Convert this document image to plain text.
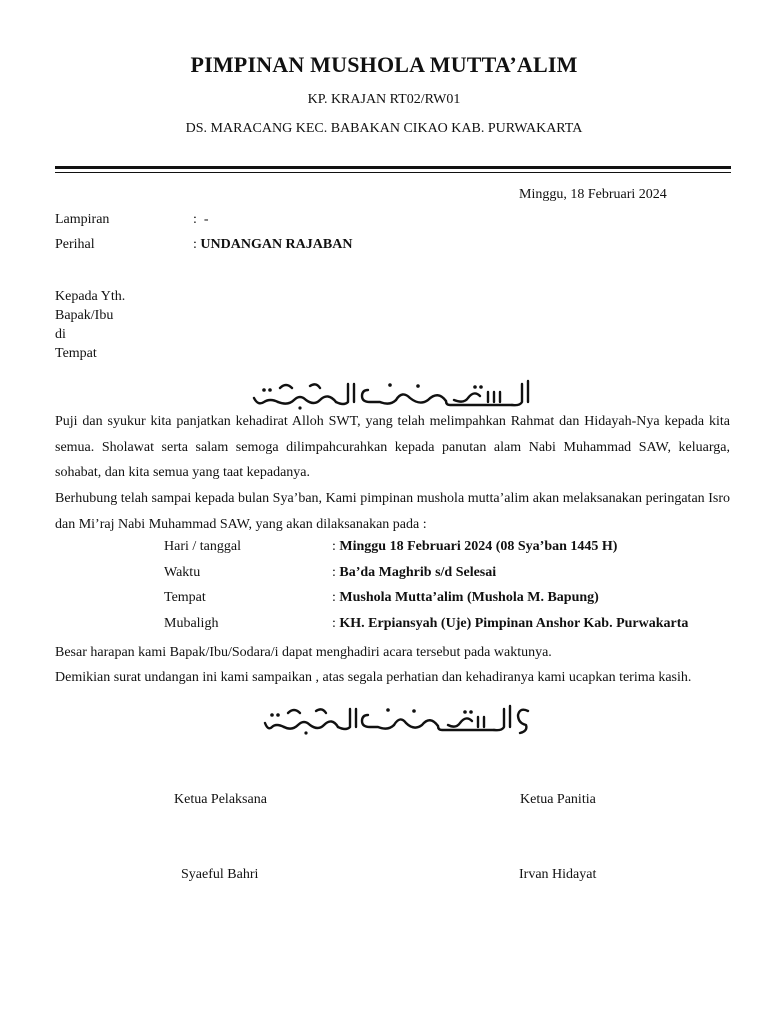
PIMPINAN MUSHOLA MUTTA’ALIM
KP. KRAJAN RT02/RW01
DS. MARACANG KEC. BABAKAN CIKAO KAB. PURWAKARTA
Minggu, 18 Februari 2024
Lampiran	: -
Perihal	: UNDANGAN RAJABAN
Kepada Yth.
Bapak/Ibu
di
Tempat
Puji dan syukur kita panjatkan kehadirat Alloh SWT, yang telah melimpahkan Rahmat dan Hidayah-Nya kepada kita semua. Sholawat serta salam semoga dilimpahcurahkan kepada panutan alam Nabi Muhammad SAW, keluarga, sohabat, dan kita semua yang taat kepadanya.
Berhubung telah sampai kepada bulan Sya’ban, Kami pimpinan mushola mutta’alim akan melaksanakan peringatan Isro dan Mi’raj Nabi Muhammad SAW, yang akan dilaksanakan pada :
Hari / tanggal	: Minggu 18 Februari 2024 (08 Sya’ban 1445 H)
Waktu	: Ba’da Maghrib s/d Selesai
Tempat	: Mushola Mutta’alim (Mushola M. Bapung)
Mubaligh	: KH. Erpiansyah (Uje) Pimpinan Anshor Kab. Purwakarta
Besar harapan kami Bapak/Ibu/Sodara/i dapat menghadiri acara tersebut pada waktunya.
Demikian surat undangan ini kami sampaikan , atas segala perhatian dan kehadiranya kami ucapkan terima kasih.
Ketua Pelaksana	Ketua Panitia
Syaeful Bahri	Irvan Hidayat
